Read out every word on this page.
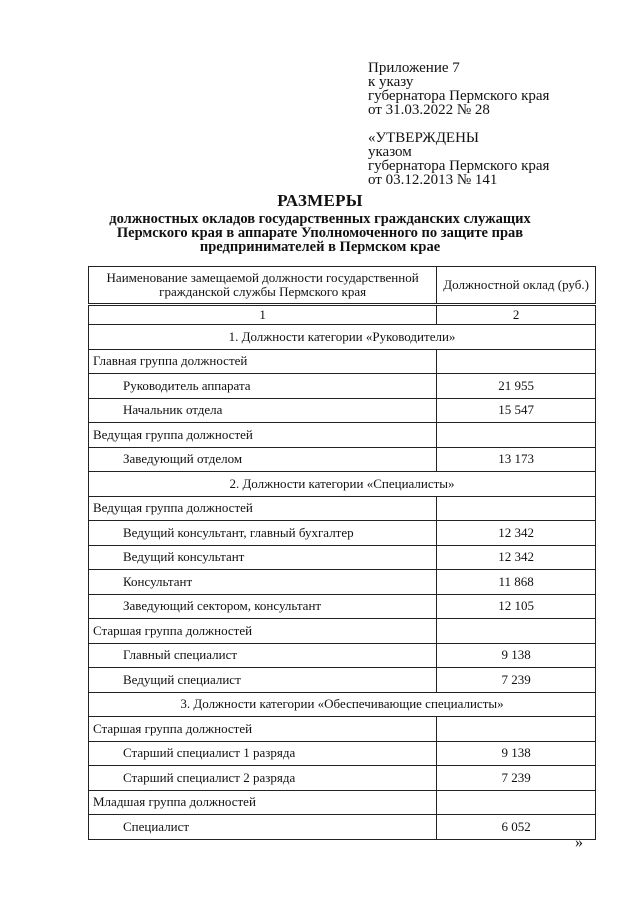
Приложение 7
к указу
губернатора Пермского края
от 31.03.2022 № 28
«УТВЕРЖДЕНЫ
указом
губернатора Пермского края
от 03.12.2013 № 141
РАЗМЕРЫ
должностных окладов государственных гражданских служащих Пермского края в аппарате Уполномоченного по защите прав предпринимателей в Пермском крае
Наименование замещаемой должности государственной гражданской службы Пермского края	Должностной оклад (руб.)
1	2
1. Должности категории «Руководители»	
Главная группа должностей	
Руководитель аппарата	21 955
Начальник отдела	15 547
Ведущая группа должностей	
Заведующий отделом	13 173
2. Должности категории «Специалисты»	
Ведущая группа должностей	
Ведущий консультант, главный бухгалтер	12 342
Ведущий консультант	12 342
Консультант	11 868
Заведующий сектором, консультант	12 105
Старшая группа должностей	
Главный специалист	9 138
Ведущий специалист	7 239
3. Должности категории «Обеспечивающие специалисты»	
Старшая группа должностей	
Старший специалист 1 разряда	9 138
Старший специалист 2 разряда	7 239
Младшая группа должностей	
Специалист	6 052
»
